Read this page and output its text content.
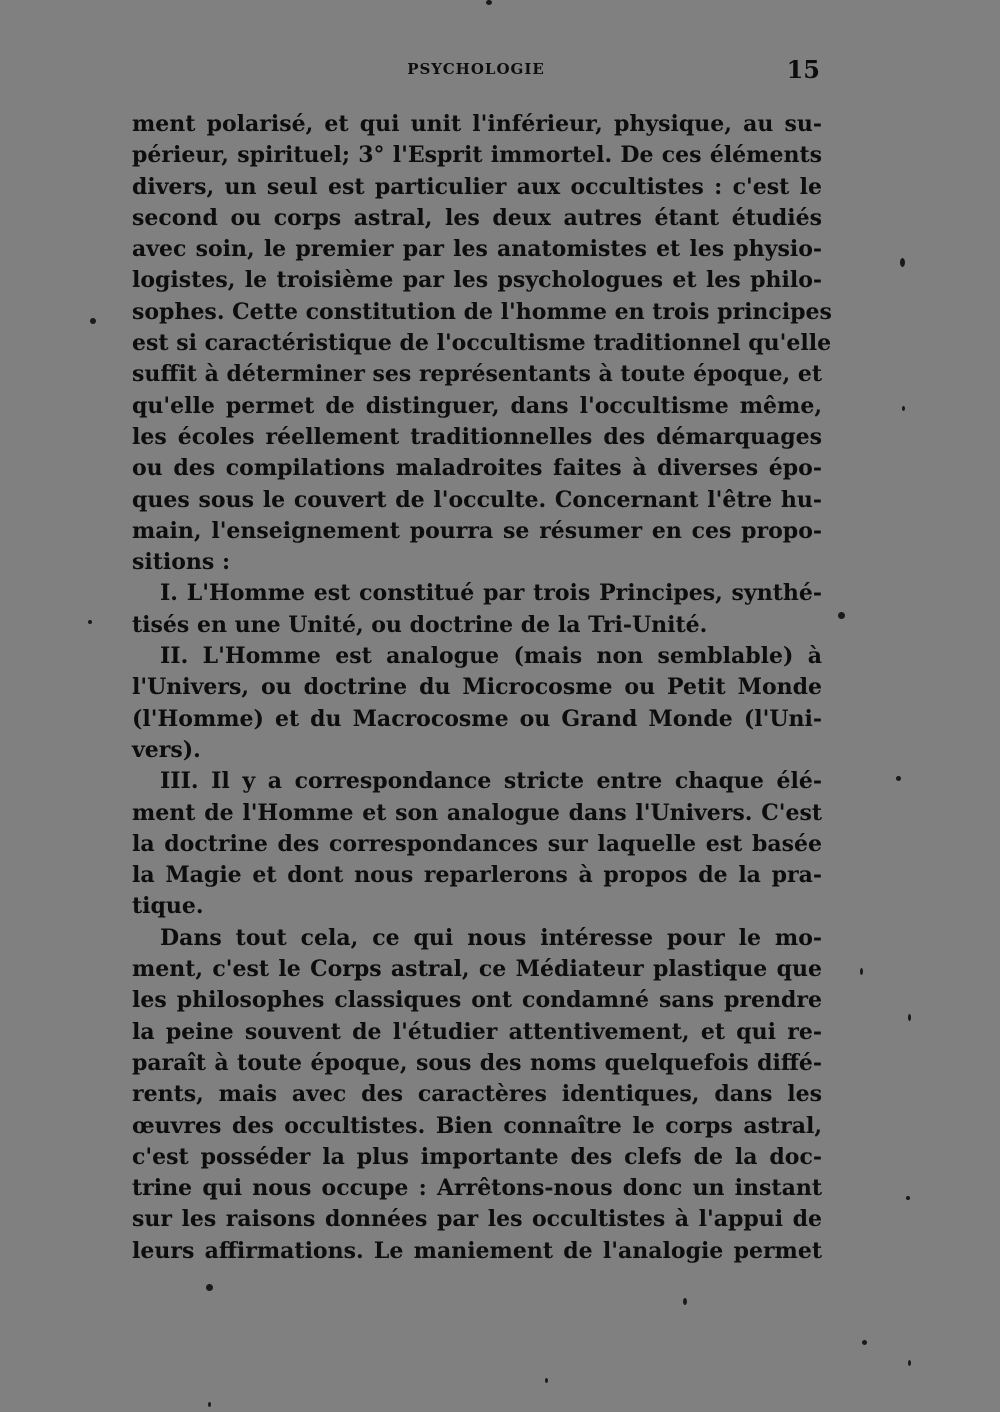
PSYCHOLOGIE	15
ment polarisé, et qui unit l'inférieur, physique, au su-
périeur, spirituel; 3° l'Esprit immortel. De ces éléments
divers, un seul est particulier aux occultistes : c'est le
second ou corps astral, les deux autres étant étudiés
avec soin, le premier par les anatomistes et les physio-
logistes, le troisième par les psychologues et les philo-
sophes. Cette constitution de l'homme en trois principes
est si caractéristique de l'occultisme traditionnel qu'elle
suffit à déterminer ses représentants à toute époque, et
qu'elle permet de distinguer, dans l'occultisme même,
les écoles réellement traditionnelles des démarquages
ou des compilations maladroites faites à diverses épo-
ques sous le couvert de l'occulte. Concernant l'être hu-
main, l'enseignement pourra se résumer en ces propo-
sitions :
I. L'Homme est constitué par trois Principes, synthé-
tisés en une Unité, ou doctrine de la Tri-Unité.
II. L'Homme est analogue (mais non semblable) à
l'Univers, ou doctrine du Microcosme ou Petit Monde
(l'Homme) et du Macrocosme ou Grand Monde (l'Uni-
vers).
III. Il y a correspondance stricte entre chaque élé-
ment de l'Homme et son analogue dans l'Univers. C'est
la doctrine des correspondances sur laquelle est basée
la Magie et dont nous reparlerons à propos de la pra-
tique.
Dans tout cela, ce qui nous intéresse pour le mo-
ment, c'est le Corps astral, ce Médiateur plastique que
les philosophes classiques ont condamné sans prendre
la peine souvent de l'étudier attentivement, et qui re-
paraît à toute époque, sous des noms quelquefois diffé-
rents, mais avec des caractères identiques, dans les
œuvres des occultistes. Bien connaître le corps astral,
c'est posséder la plus importante des clefs de la doc-
trine qui nous occupe : Arrêtons-nous donc un instant
sur les raisons données par les occultistes à l'appui de
leurs affirmations. Le maniement de l'analogie permet
